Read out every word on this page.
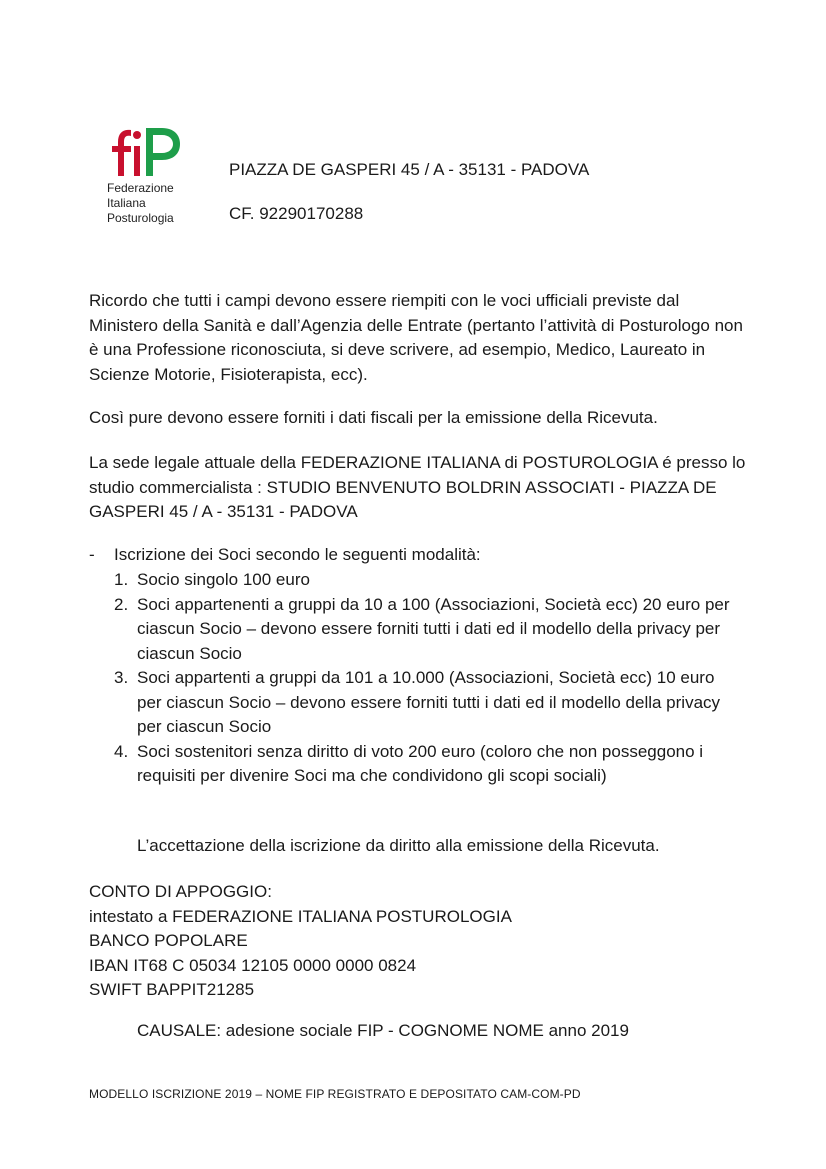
Federazione
Italiana
Posturologia
PIAZZA DE GASPERI 45 / A - 35131 - PADOVA
CF. 92290170288

Ricordo che tutti i campi devono essere riempiti con le voci ufficiali previste dal Ministero della Sanità e dall’Agenzia delle Entrate (pertanto l’attività di Posturologo non è una Professione riconosciuta, si deve scrivere, ad esempio, Medico, Laureato in Scienze Motorie, Fisioterapista, ecc).

Così pure devono essere forniti i dati fiscali per la emissione della Ricevuta.

La sede legale attuale della FEDERAZIONE ITALIANA di POSTUROLOGIA é presso lo studio commercialista : STUDIO BENVENUTO BOLDRIN ASSOCIATI - PIAZZA DE GASPERI 45 / A - 35131 - PADOVA

- Iscrizione dei Soci secondo le seguenti modalità:
1. Socio singolo 100 euro
2. Soci appartenenti a gruppi da 10 a 100 (Associazioni, Società ecc) 20 euro per ciascun Socio – devono essere forniti tutti i dati ed il modello della privacy per ciascun Socio
3. Soci appartenti a gruppi da 101 a 10.000 (Associazioni, Società ecc) 10 euro per ciascun Socio – devono essere forniti tutti i dati ed il modello della privacy per ciascun Socio
4. Soci sostenitori senza diritto di voto 200 euro (coloro che non posseggono i requisiti per divenire Soci ma che condividono gli scopi sociali)
L’accettazione della iscrizione da diritto alla emissione della Ricevuta.
CONTO DI APPOGGIO:
intestato a FEDERAZIONE ITALIANA POSTUROLOGIA
BANCO POPOLARE
IBAN IT68 C 05034 12105 0000 0000 0824
SWIFT BAPPIT21285
CAUSALE: adesione sociale FIP - COGNOME NOME anno 2019
MODELLO ISCRIZIONE 2019 – NOME FIP REGISTRATO E DEPOSITATO CAM-COM-PD
